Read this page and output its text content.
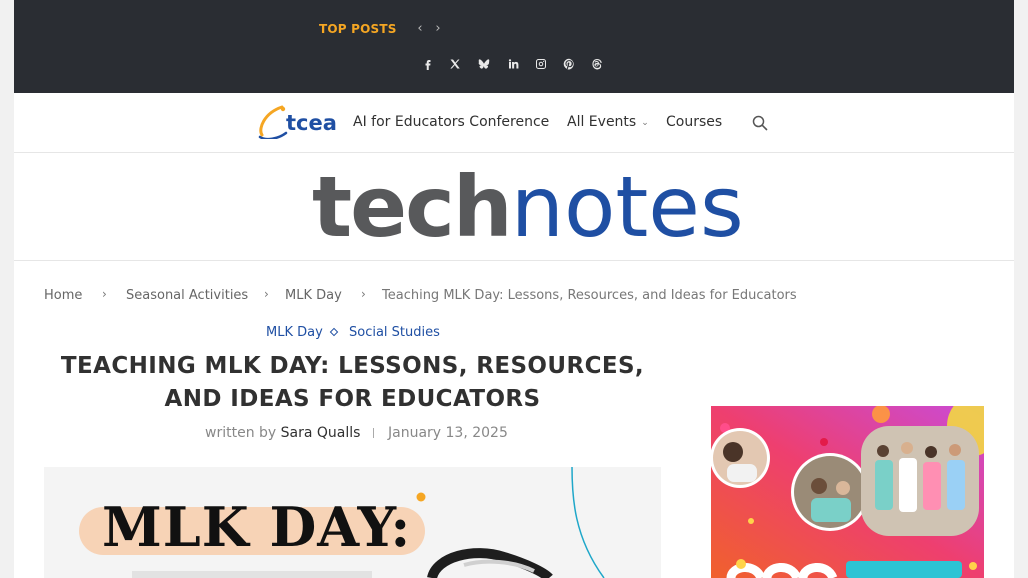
TOP POSTS	‹ ›
tcea AI for Educators Conference All Events ⌄ Courses
technotes
Home › Seasonal Activities › MLK Day › Teaching MLK Day: Lessons, Resources, and Ideas for Educators
MLK Day Social Studies
TEACHING MLK DAY: LESSONS, RESOURCES, AND IDEAS FOR EDUCATORS
written by Sara Qualls January 13, 2025
MLK DAY:
